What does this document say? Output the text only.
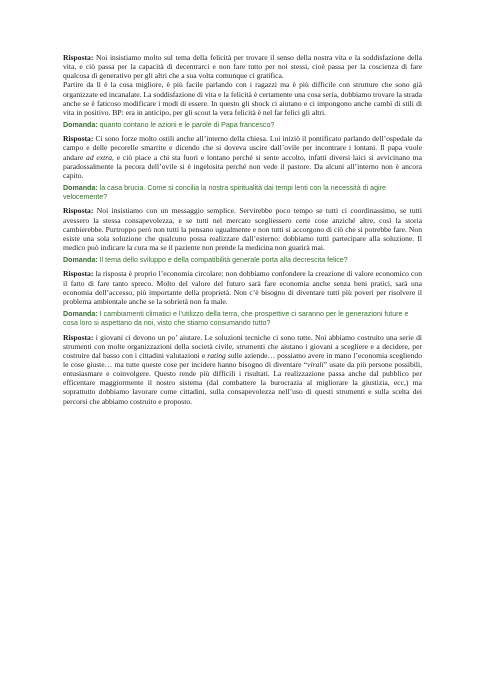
Risposta: Noi insistiamo molto sul tema della felicità per trovare il senso della nostra vita e la soddisfazione della vita, e ciò passa per la capacità di decentrarci e non fare tutto per noi stessi, cioè passa per la coscienza di fare qualcosa di generativo per gli altri che a sua volta comunque ci gratifica.

Partire da lì è la cosa migliore, è più facile parlando con i ragazzi ma è più difficile con strutture che sono già organizzate ed incanalate. La soddisfazione di vita e la felicità è certamente una cosa seria, dobbiamo trovare la strada anche se è faticoso modificare i modi di essere. In questo gli shock ci aiutano e ci impongono anche cambi di stili di vita in positivo. BP: era in anticipo, per gli scout la vera felicità è nel far felici gli altri.

Domanda: quanto contano le azioni e le parole di Papa francesco?

Risposta: Ci sono forze molto ostili anche all’interno della chiesa. Lui iniziò il pontificato parlando dell’ospedale da campo e delle pecorelle smarrite e dicendo che si doveva uscire dall’ovile per incontrare i lontani. Il papa vuole andare ad extra, e ciò piace a chi sta fuori e lontano perché si sente accolto, infatti diversi laici si avvicinano ma paradossalmente la pecora dell’ovile si è ingelosita perché non vede il pastore. Da alcuni all’interno non è ancora capito.

Domanda: la casa brucia. Come si concilia la nostra spiritualità dai tempi lenti con la necessità di agire velocemente?

Risposta: Noi insistiamo con un messaggio semplice. Servirebbe poco tempo se tutti ci coordinassimo, se tutti avessero la stessa consapevolezza, e se tutti nel mercato scegliessero certe cose anziché altre, così la storia cambierebbe. Purtroppo però non tutti la pensano ugualmente e non tutti si accorgono di ciò che si potrebbe fare. Non esiste una sola soluzione che qualcuno possa realizzare dall’esterno: dobbiamo tutti partecipare alla soluzione. Il medico può indicare la cura ma se il paziente non prende la medicina non guarirà mai.

Domanda: Il tema dello sviluppo e della compatibilità generale porta alla decrescita felice?

Risposta: la risposta è proprio l’economia circolare: non dobbiamo confondere la creazione di valore economico con il fatto di fare tanto spreco. Molto del valore del futuro sarà fare economia anche senza beni pratici, sarà una economia dell’accesso, più importante della proprietà. Non c’è bisogno di diventare tutti più poveri per risolvere il problema ambientale anche se la sobrietà non fa male.

Domanda: I cambiamenti climatici e l’utilizzo della terra, che prospettive ci saranno per le generazioni future e cosa loro si aspettano da noi, visto che stiamo consumando tutto?

Risposta: i giovani ci devono un po’ aiutare. Le soluzioni tecniche ci sono tutte. Noi abbiamo costruito una serie di strumenti con molte organizzazioni della società civile, strumenti che aiutano i giovani a scegliere e a decidere, per costruire dal basso con i cittadini valutazioni e rating sulle aziende… possiamo avere in mano l’economia scegliendo le cose giuste… ma tutte queste cose per incidere hanno bisogno di diventare “virali” usate da più persone possibili, entusiasmare e coinvolgere. Questo rende più difficili i risultati. La realizzazione passa anche dal pubblico per efficentare maggiormente il nostro sistema (dal combattere la burocrazia al migliorare la giustizia, ecc,) ma soprattutto dobbiamo lavorare come cittadini, sulla consapevolezza nell’uso di questi strumenti e sulla scelta dei percorsi che abbiamo costruito e proposto.
